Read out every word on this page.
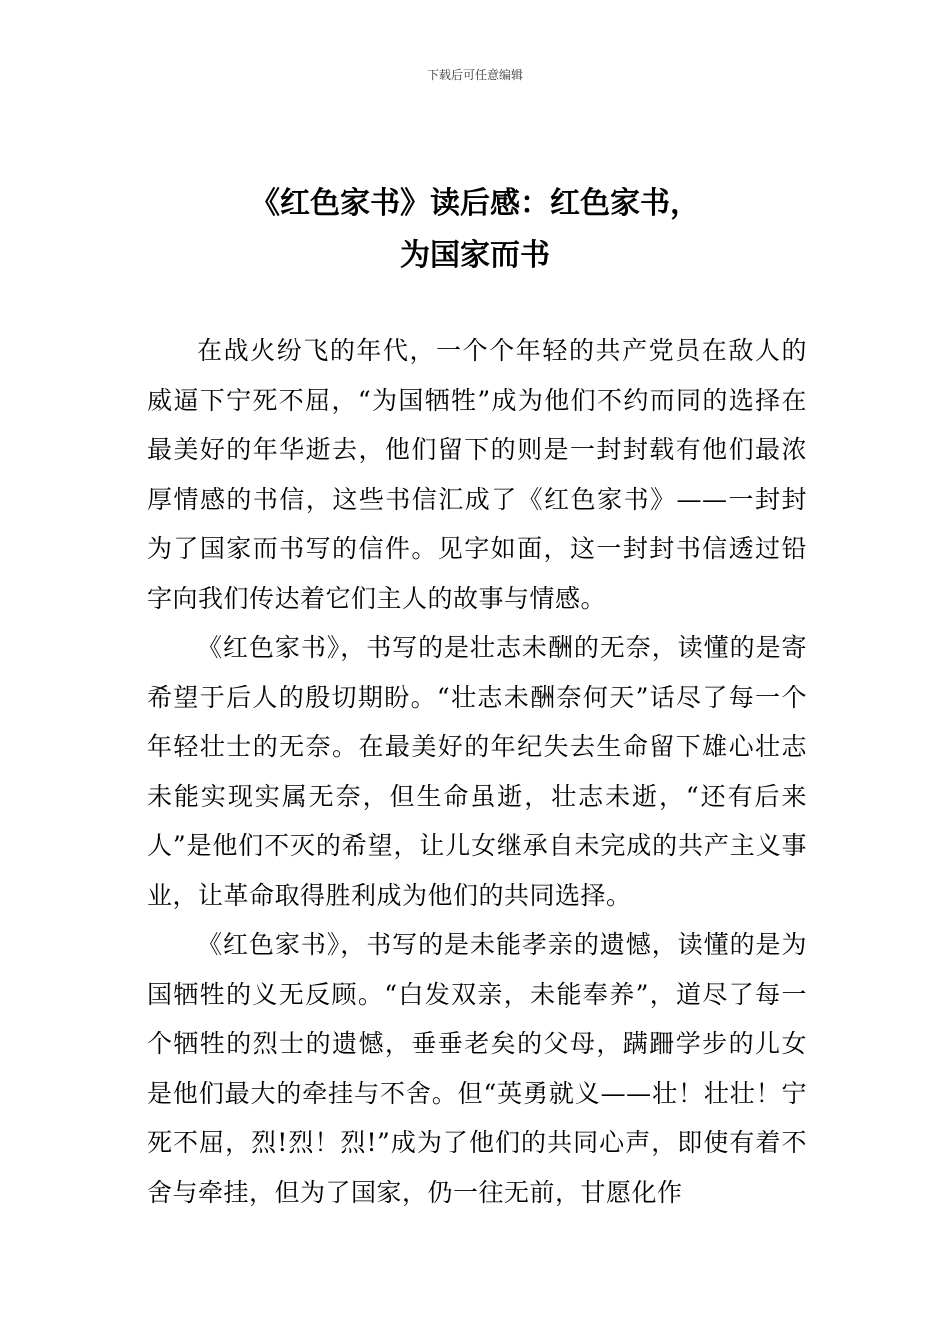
下载后可任意编辑
《红色家书》读后感：红色家书，
为国家而书

在战火纷飞的年代，一个个年轻的共产党员在敌人的威逼下宁死不屈，“为国牺牲”成为他们不约而同的选择在最美好的年华逝去，他们留下的则是一封封载有他们最浓厚情感的书信，这些书信汇成了《红色家书》——一封封为了国家而书写的信件。见字如面，这一封封书信透过铅字向我们传达着它们主人的故事与情感。

《红色家书》，书写的是壮志未酬的无奈，读懂的是寄希望于后人的殷切期盼。“壮志未酬奈何天”话尽了每一个年轻壮士的无奈。在最美好的年纪失去生命留下雄心壮志未能实现实属无奈，但生命虽逝，壮志未逝，“还有后来人”是他们不灭的希望，让儿女继承自未完成的共产主义事业，让革命取得胜利成为他们的共同选择。

《红色家书》，书写的是未能孝亲的遗憾，读懂的是为国牺牲的义无反顾。“白发双亲，未能奉养”，道尽了每一个牺牲的烈士的遗憾，垂垂老矣的父母，蹒跚学步的儿女是他们最大的牵挂与不舍。但“英勇就义——壮！壮壮！宁死不屈，烈!烈！烈!”成为了他们的共同心声，即使有着不舍与牵挂，但为了国家，仍一往无前，甘愿化作
